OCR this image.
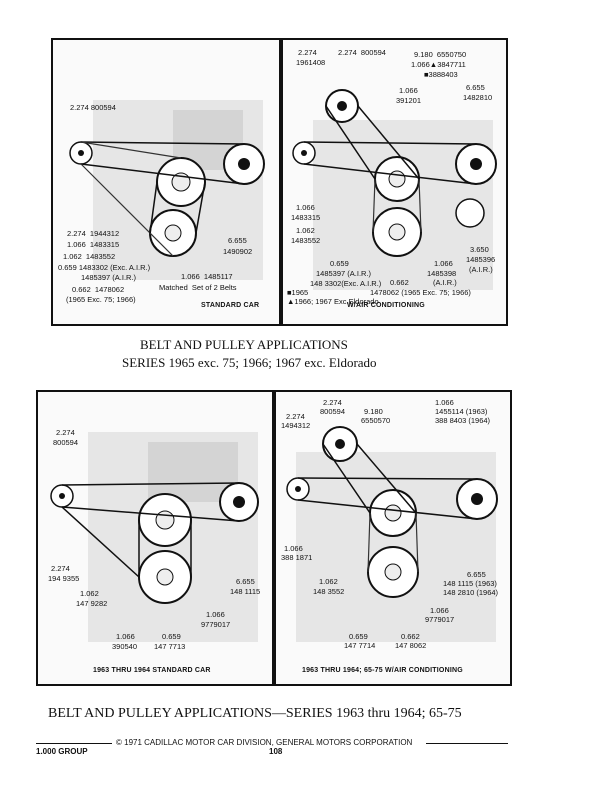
2.274 800594
2.274  1944312
1.066  1483315
1.062  1483552
0.659 1483302 (Exc. A.I.R.)
1485397 (A.I.R.)
0.662  1478062
(1965 Exc. 75; 1966)
6.655
1490902
1.066  1485117
Matched  Set of 2 Belts
STANDARD CAR
2.274
1961408
2.274  800594	9.180  6550750
1.066▲3847711
■3888403
1.066
391201
6.655
1482810
1.066
1483315
1.062
1483552
0.659
1485397 (A.I.R.)
148 3302(Exc. A.I.R.)
■1965
▲1966; 1967 Exc.Eldorado
0.662
1478062 (1965 Exc. 75; 1966)
1.066
1485398
(A.I.R.)
3.650
1485396
(A.I.R.)
W/AIR CONDITIONING
BELT AND PULLEY APPLICATIONS
SERIES 1965 exc. 75; 1966; 1967 exc. Eldorado
2.274
800594
2.274
194 9355
1.062
147 9282
6.655
148 1115
1.066
9779017
1.066
390540
0.659
147 7713
1963 THRU 1964 STANDARD CAR
2.274
800594
2.274
1494312
9.180
6550570
1.066
1455114 (1963)
388 8403 (1964)
1.066
388 1871
1.062
148 3552
6.655
148 1115 (1963)
148 2810 (1964)
1.066
9779017
0.659
147 7714
0.662
147 8062
1963 THRU 1964; 65-75 W/AIR CONDITIONING
BELT AND PULLEY APPLICATIONS—SERIES 1963 thru 1964; 65-75
© 1971 CADILLAC MOTOR CAR DIVISION, GENERAL MOTORS CORPORATION
1.000 GROUP	108
